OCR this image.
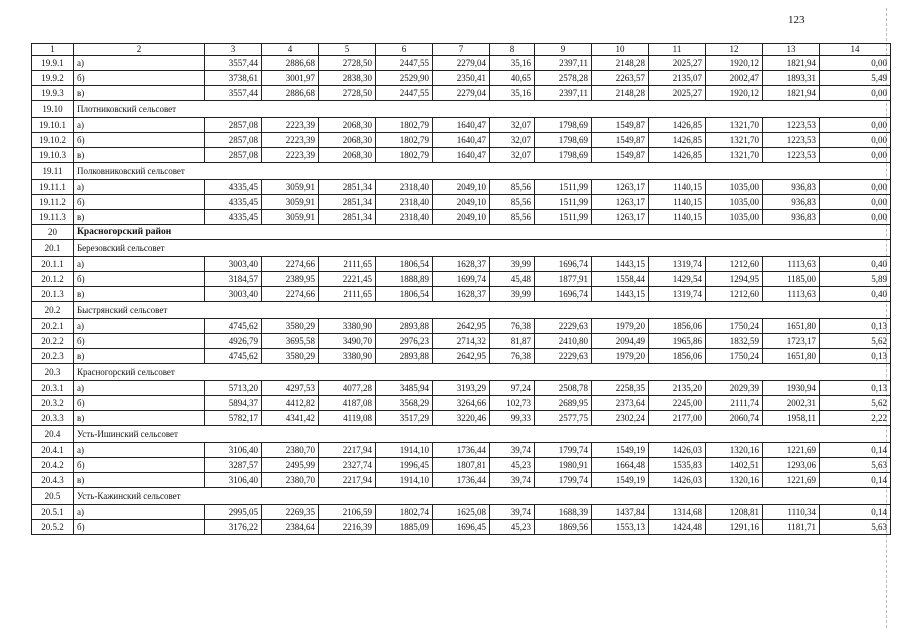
123
1	2	3	4	5	6	7	8	9	10	11	12	13	14
19.9.1	а)	3557,44	2886,68	2728,50	2447,55	2279,04	35,16	2397,11	2148,28	2025,27	1920,12	1821,94	0,00
19.9.2	б)	3738,61	3001,97	2838,30	2529,90	2350,41	40,65	2578,28	2263,57	2135,07	2002,47	1893,31	5,49
19.9.3	в)	3557,44	2886,68	2728,50	2447,55	2279,04	35,16	2397,11	2148,28	2025,27	1920,12	1821,94	0,00
19.10	Плотниковский сельсовет												
19.10.1	а)	2857,08	2223,39	2068,30	1802,79	1640,47	32,07	1798,69	1549,87	1426,85	1321,70	1223,53	0,00
19.10.2	б)	2857,08	2223,39	2068,30	1802,79	1640,47	32,07	1798,69	1549,87	1426,85	1321,70	1223,53	0,00
19.10.3	в)	2857,08	2223,39	2068,30	1802,79	1640,47	32,07	1798,69	1549,87	1426,85	1321,70	1223,53	0,00
19.11	Полковниковский сельсовет												
19.11.1	а)	4335,45	3059,91	2851,34	2318,40	2049,10	85,56	1511,99	1263,17	1140,15	1035,00	936,83	0,00
19.11.2	б)	4335,45	3059,91	2851,34	2318,40	2049,10	85,56	1511,99	1263,17	1140,15	1035,00	936,83	0,00
19.11.3	в)	4335,45	3059,91	2851,34	2318,40	2049,10	85,56	1511,99	1263,17	1140,15	1035,00	936,83	0,00
20	Красногорский район												
20.1	Березовский сельсовет												
20.1.1	а)	3003,40	2274,66	2111,65	1806,54	1628,37	39,99	1696,74	1443,15	1319,74	1212,60	1113,63	0,40
20.1.2	б)	3184,57	2389,95	2221,45	1888,89	1699,74	45,48	1877,91	1558,44	1429,54	1294,95	1185,00	5,89
20.1.3	в)	3003,40	2274,66	2111,65	1806,54	1628,37	39,99	1696,74	1443,15	1319,74	1212,60	1113,63	0,40
20.2	Быстрянский сельсовет												
20.2.1	а)	4745,62	3580,29	3380,90	2893,88	2642,95	76,38	2229,63	1979,20	1856,06	1750,24	1651,80	0,13
20.2.2	б)	4926,79	3695,58	3490,70	2976,23	2714,32	81,87	2410,80	2094,49	1965,86	1832,59	1723,17	5,62
20.2.3	в)	4745,62	3580,29	3380,90	2893,88	2642,95	76,38	2229,63	1979,20	1856,06	1750,24	1651,80	0,13
20.3	Красногорский сельсовет												
20.3.1	а)	5713,20	4297,53	4077,28	3485,94	3193,29	97,24	2508,78	2258,35	2135,20	2029,39	1930,94	0,13
20.3.2	б)	5894,37	4412,82	4187,08	3568,29	3264,66	102,73	2689,95	2373,64	2245,00	2111,74	2002,31	5,62
20.3.3	в)	5782,17	4341,42	4119,08	3517,29	3220,46	99,33	2577,75	2302,24	2177,00	2060,74	1958,11	2,22
20.4	Усть-Ишинский сельсовет												
20.4.1	а)	3106,40	2380,70	2217,94	1914,10	1736,44	39,74	1799,74	1549,19	1426,03	1320,16	1221,69	0,14
20.4.2	б)	3287,57	2495,99	2327,74	1996,45	1807,81	45,23	1980,91	1664,48	1535,83	1402,51	1293,06	5,63
20.4.3	в)	3106,40	2380,70	2217,94	1914,10	1736,44	39,74	1799,74	1549,19	1426,03	1320,16	1221,69	0,14
20.5	Усть-Кажинский сельсовет												
20.5.1	а)	2995,05	2269,35	2106,59	1802,74	1625,08	39,74	1688,39	1437,84	1314,68	1208,81	1110,34	0,14
20.5.2	б)	3176,22	2384,64	2216,39	1885,09	1696,45	45,23	1869,56	1553,13	1424,48	1291,16	1181,71	5,63
